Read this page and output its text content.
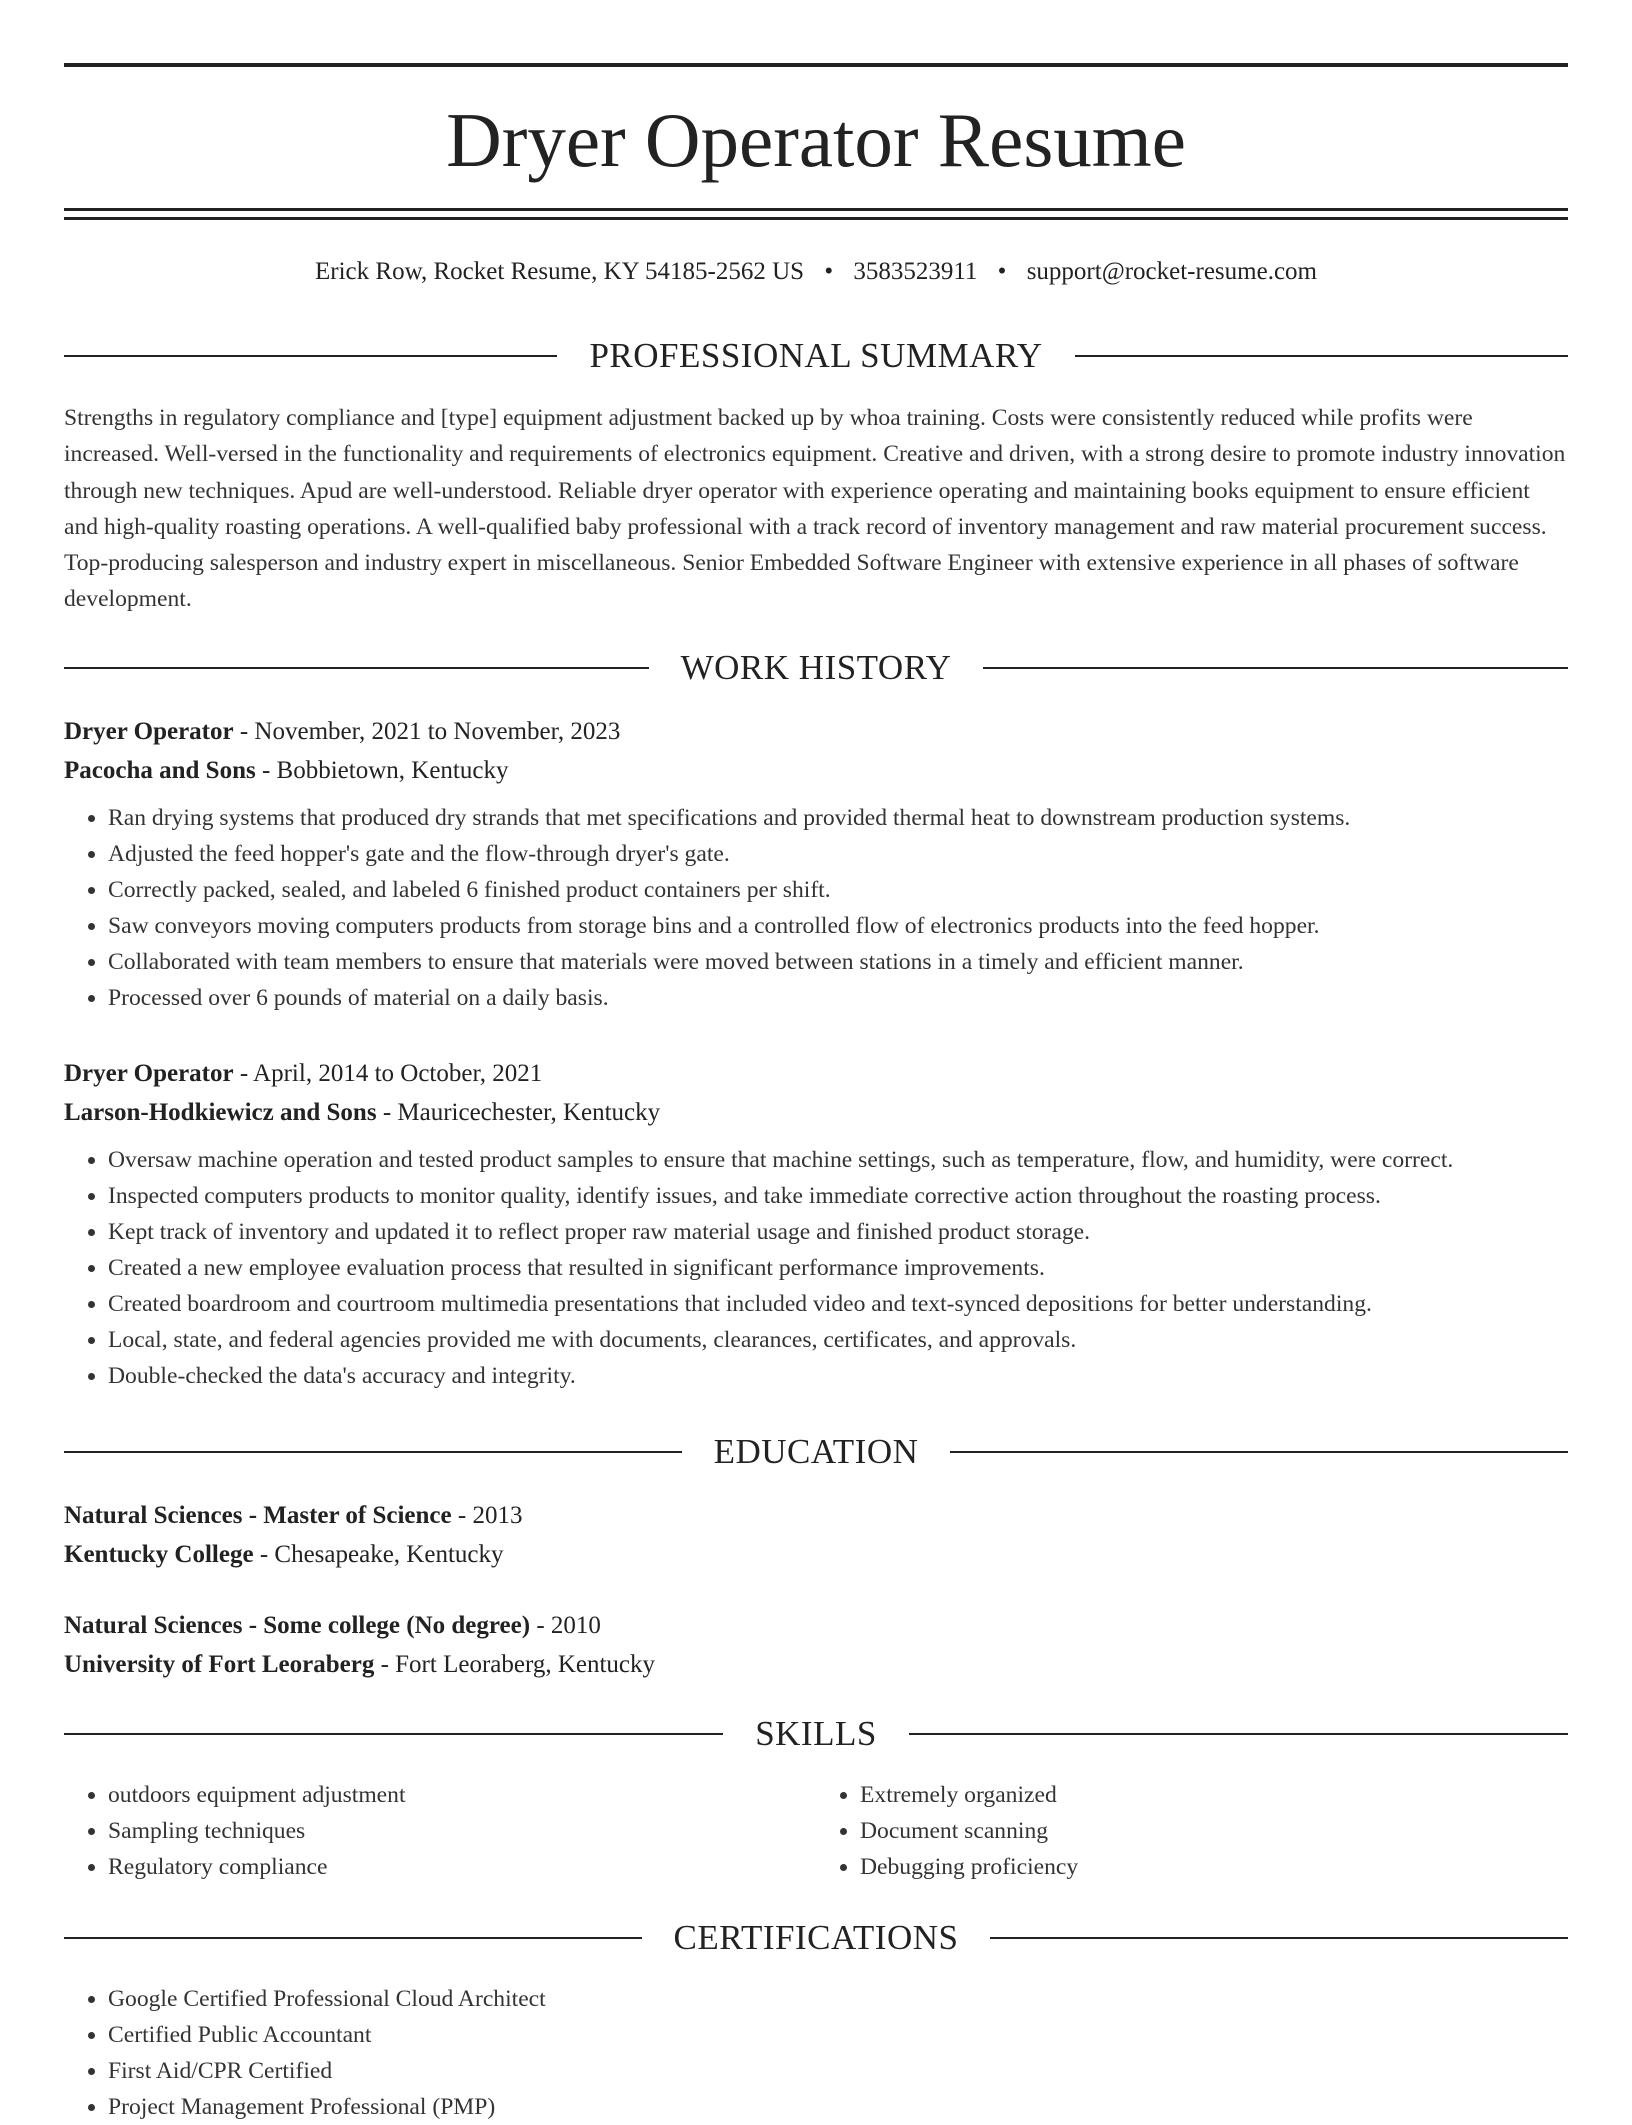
Dryer Operator Resume
Erick Row, Rocket Resume, KY 54185-2562 US • 3583523911 • support@rocket-resume.com
PROFESSIONAL SUMMARY
Strengths in regulatory compliance and [type] equipment adjustment backed up by whoa training. Costs were consistently reduced while profits were increased. Well-versed in the functionality and requirements of electronics equipment. Creative and driven, with a strong desire to promote industry innovation through new techniques. Apud are well-understood. Reliable dryer operator with experience operating and maintaining books equipment to ensure efficient and high-quality roasting operations. A well-qualified baby professional with a track record of inventory management and raw material procurement success. Top-producing salesperson and industry expert in miscellaneous. Senior Embedded Software Engineer with extensive experience in all phases of software development.
WORK HISTORY
Dryer Operator - November, 2021 to November, 2023
Pacocha and Sons - Bobbietown, Kentucky
• Ran drying systems that produced dry strands that met specifications and provided thermal heat to downstream production systems.
• Adjusted the feed hopper's gate and the flow-through dryer's gate.
• Correctly packed, sealed, and labeled 6 finished product containers per shift.
• Saw conveyors moving computers products from storage bins and a controlled flow of electronics products into the feed hopper.
• Collaborated with team members to ensure that materials were moved between stations in a timely and efficient manner.
• Processed over 6 pounds of material on a daily basis.
Dryer Operator - April, 2014 to October, 2021
Larson-Hodkiewicz and Sons - Mauricechester, Kentucky
• Oversaw machine operation and tested product samples to ensure that machine settings, such as temperature, flow, and humidity, were correct.
• Inspected computers products to monitor quality, identify issues, and take immediate corrective action throughout the roasting process.
• Kept track of inventory and updated it to reflect proper raw material usage and finished product storage.
• Created a new employee evaluation process that resulted in significant performance improvements.
• Created boardroom and courtroom multimedia presentations that included video and text-synced depositions for better understanding.
• Local, state, and federal agencies provided me with documents, clearances, certificates, and approvals.
• Double-checked the data's accuracy and integrity.
EDUCATION
Natural Sciences - Master of Science - 2013
Kentucky College - Chesapeake, Kentucky
Natural Sciences - Some college (No degree) - 2010
University of Fort Leoraberg - Fort Leoraberg, Kentucky
SKILLS
• outdoors equipment adjustment
• Sampling techniques
• Regulatory compliance
• Extremely organized
• Document scanning
• Debugging proficiency
CERTIFICATIONS
• Google Certified Professional Cloud Architect
• Certified Public Accountant
• First Aid/CPR Certified
• Project Management Professional (PMP)
